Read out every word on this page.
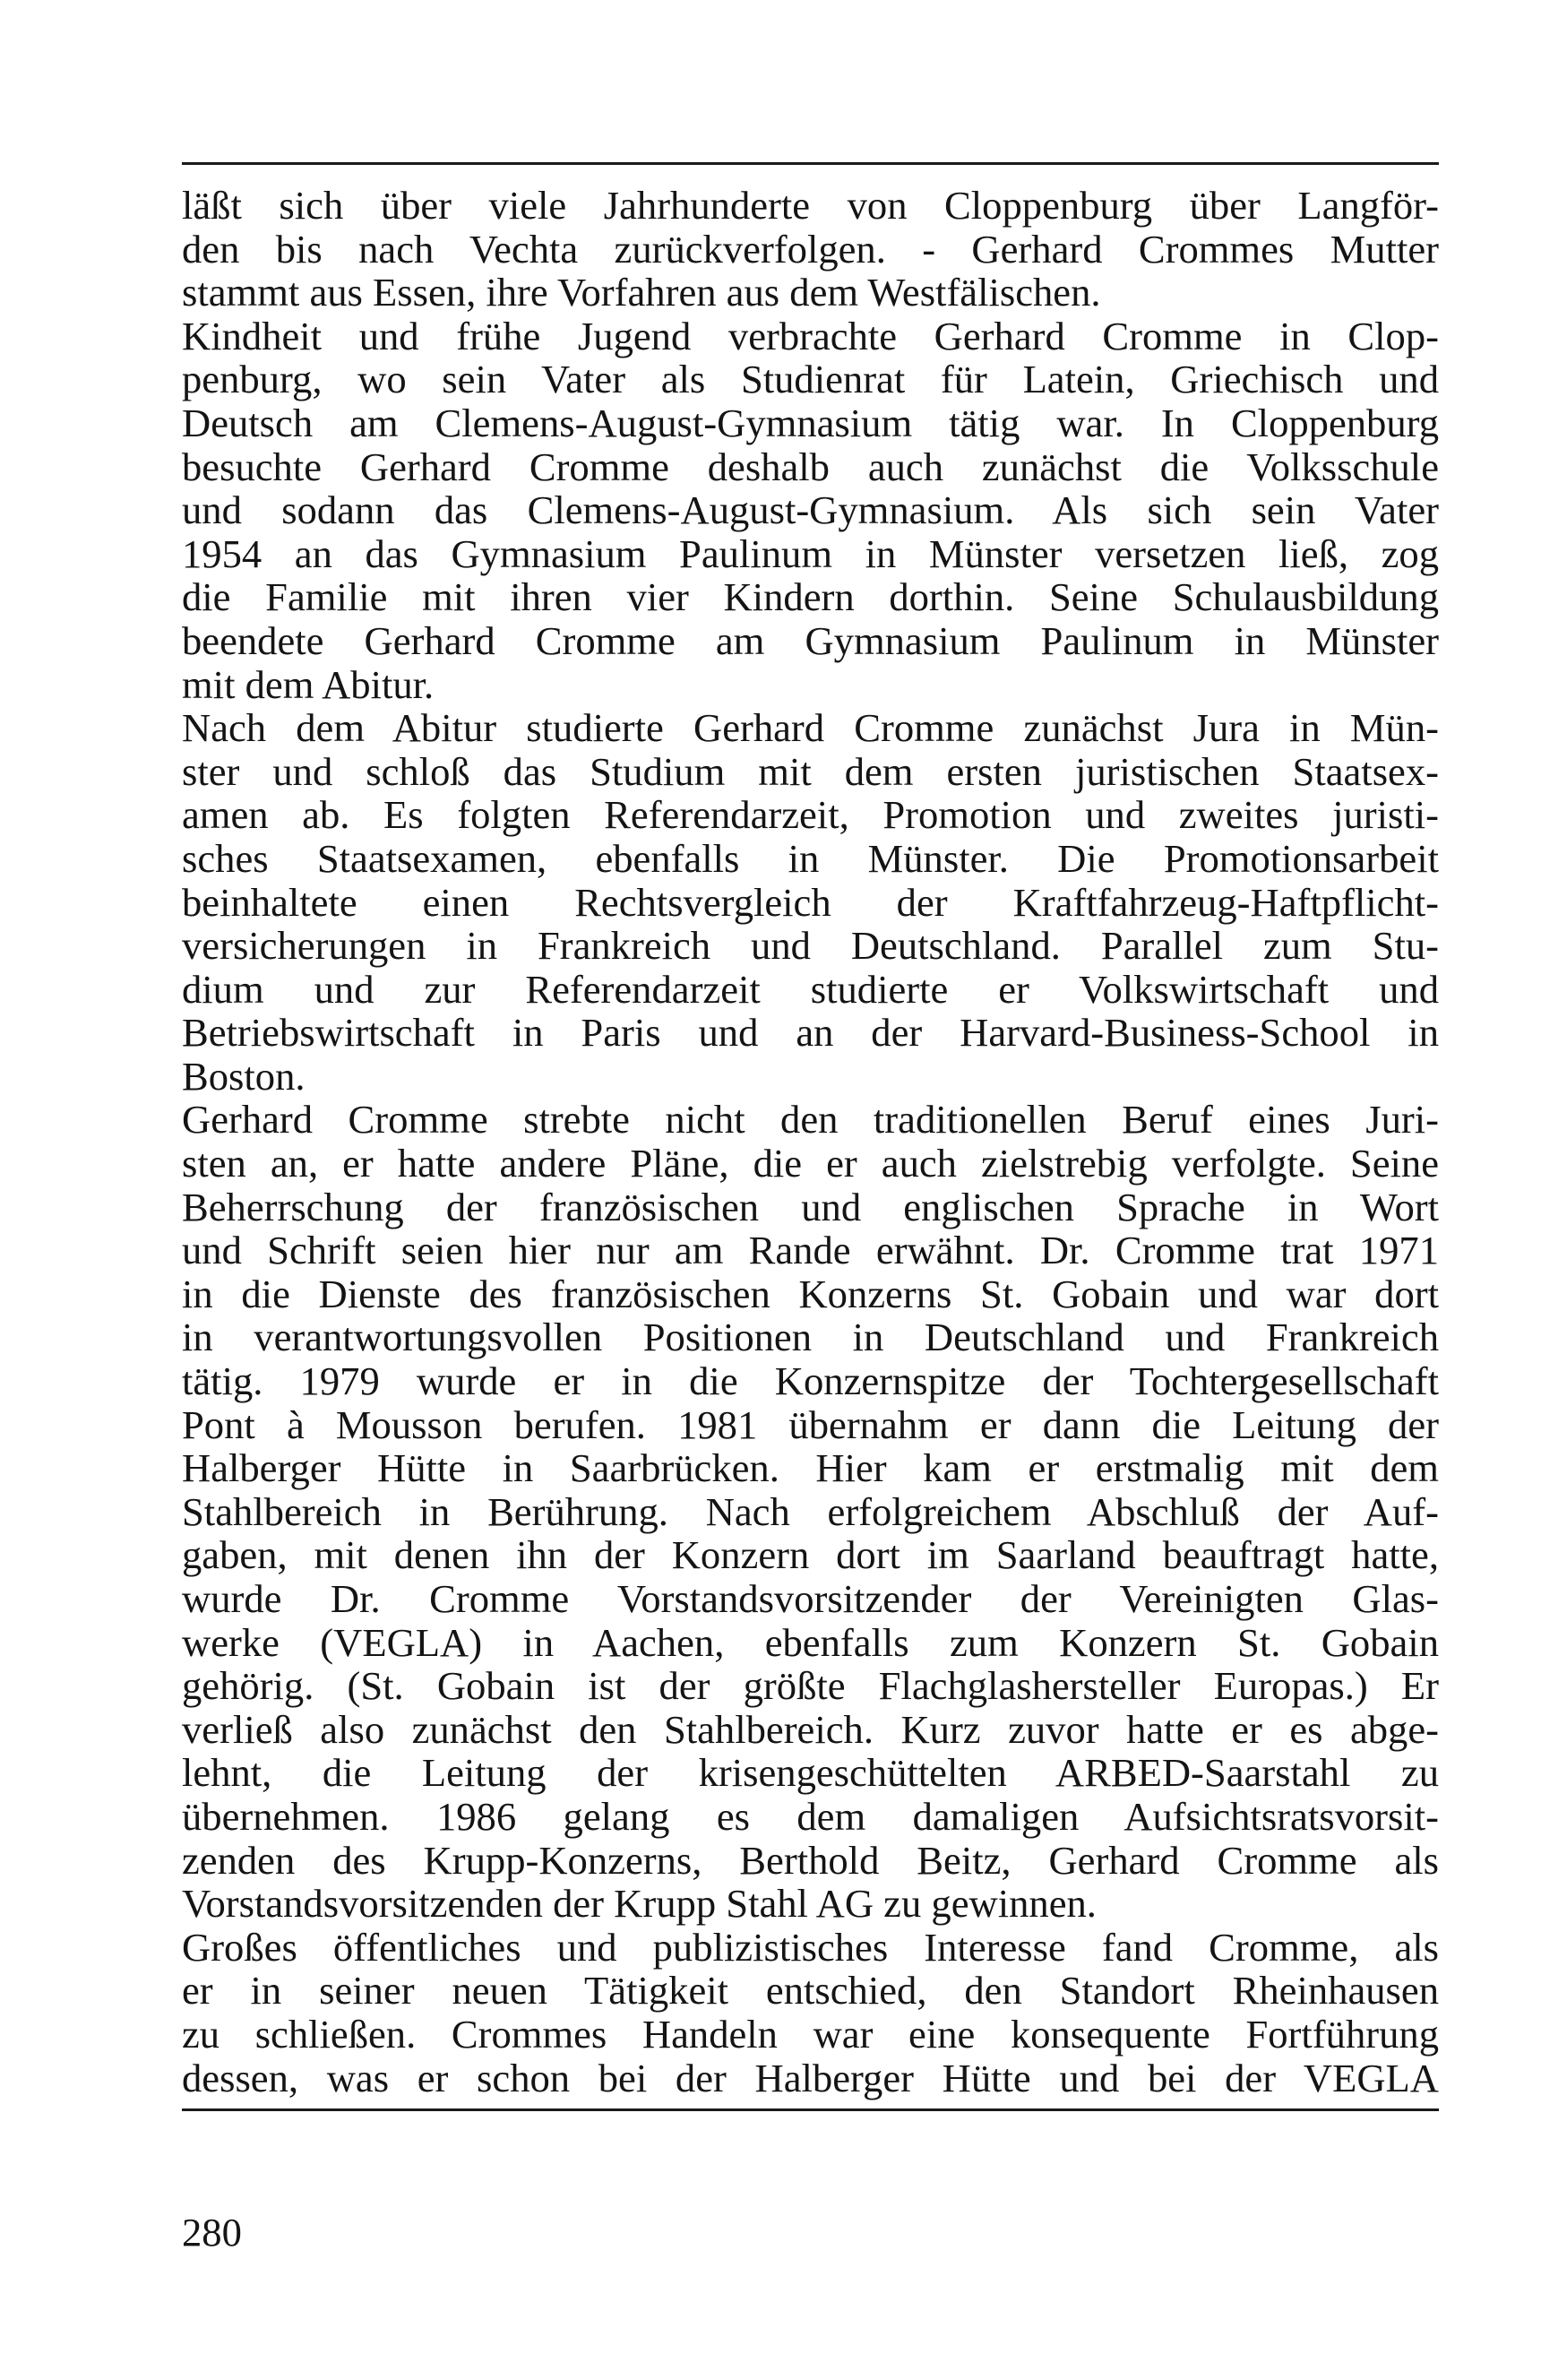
läßt sich über viele Jahrhunderte von Cloppenburg über Langför-
den bis nach Vechta zurückverfolgen. - Gerhard Crommes Mutter
stammt aus Essen, ihre Vorfahren aus dem Westfälischen.
Kindheit und frühe Jugend verbrachte Gerhard Cromme in Clop-
penburg, wo sein Vater als Studienrat für Latein, Griechisch und
Deutsch am Clemens-August-Gymnasium tätig war. In Cloppenburg
besuchte Gerhard Cromme deshalb auch zunächst die Volksschule
und sodann das Clemens-August-Gymnasium. Als sich sein Vater
1954 an das Gymnasium Paulinum in Münster versetzen ließ, zog
die Familie mit ihren vier Kindern dorthin. Seine Schulausbildung
beendete Gerhard Cromme am Gymnasium Paulinum in Münster
mit dem Abitur.
Nach dem Abitur studierte Gerhard Cromme zunächst Jura in Mün-
ster und schloß das Studium mit dem ersten juristischen Staatsex-
amen ab. Es folgten Referendarzeit, Promotion und zweites juristi-
sches Staatsexamen, ebenfalls in Münster. Die Promotionsarbeit
beinhaltete einen Rechtsvergleich der Kraftfahrzeug-Haftpflicht-
versicherungen in Frankreich und Deutschland. Parallel zum Stu-
dium und zur Referendarzeit studierte er Volkswirtschaft und
Betriebswirtschaft in Paris und an der Harvard-Business-School in
Boston.
Gerhard Cromme strebte nicht den traditionellen Beruf eines Juri-
sten an, er hatte andere Pläne, die er auch zielstrebig verfolgte. Seine
Beherrschung der französischen und englischen Sprache in Wort
und Schrift seien hier nur am Rande erwähnt. Dr. Cromme trat 1971
in die Dienste des französischen Konzerns St. Gobain und war dort
in verantwortungsvollen Positionen in Deutschland und Frankreich
tätig. 1979 wurde er in die Konzernspitze der Tochtergesellschaft
Pont à Mousson berufen. 1981 übernahm er dann die Leitung der
Halberger Hütte in Saarbrücken. Hier kam er erstmalig mit dem
Stahlbereich in Berührung. Nach erfolgreichem Abschluß der Auf-
gaben, mit denen ihn der Konzern dort im Saarland beauftragt hatte,
wurde Dr. Cromme Vorstandsvorsitzender der Vereinigten Glas-
werke (VEGLA) in Aachen, ebenfalls zum Konzern St. Gobain
gehörig. (St. Gobain ist der größte Flachglashersteller Europas.) Er
verließ also zunächst den Stahlbereich. Kurz zuvor hatte er es abge-
lehnt, die Leitung der krisengeschüttelten ARBED-Saarstahl zu
übernehmen. 1986 gelang es dem damaligen Aufsichtsratsvorsit-
zenden des Krupp-Konzerns, Berthold Beitz, Gerhard Cromme als
Vorstandsvorsitzenden der Krupp Stahl AG zu gewinnen.
Großes öffentliches und publizistisches Interesse fand Cromme, als
er in seiner neuen Tätigkeit entschied, den Standort Rheinhausen
zu schließen. Crommes Handeln war eine konsequente Fortführung
dessen, was er schon bei der Halberger Hütte und bei der VEGLA
280
